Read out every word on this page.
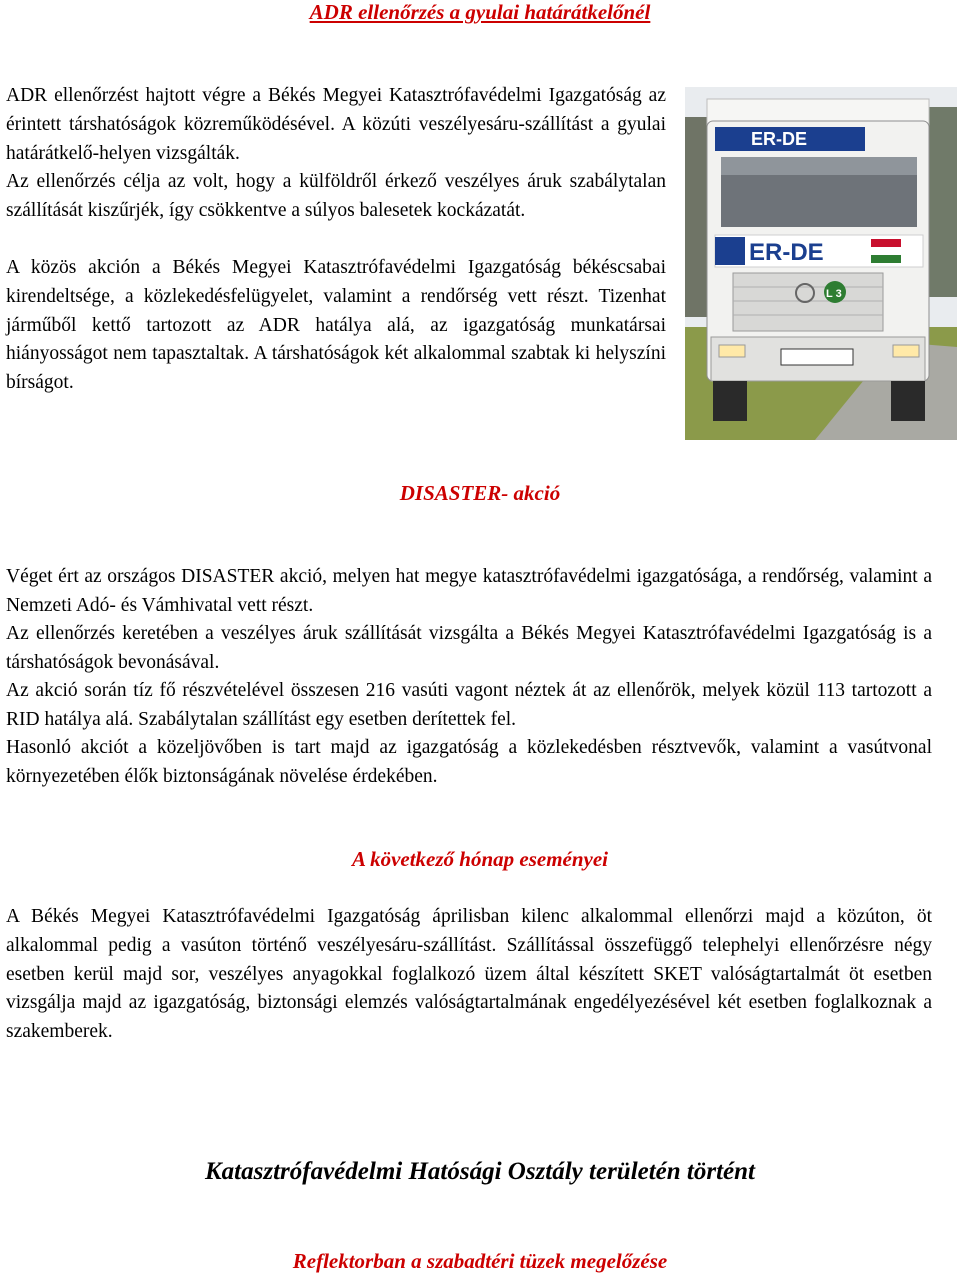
ADR ellenőrzés a gyulai határátkelőnél

ADR ellenőrzést hajtott végre a Békés Megyei Katasztrófavédelmi Igazgatóság az érintett társhatóságok közreműködésével. A közúti veszélyesáru-szállítást a gyulai határátkelő-helyen vizsgálták.

Az ellenőrzés célja az volt, hogy a külföldről érkező veszélyes áruk szabálytalan szállítását kiszűrjék, így csökkentve a súlyos balesetek kockázatát.

A közös akción a Békés Megyei Katasztrófavédelmi Igazgatóság békéscsabai kirendeltsége, a közlekedésfelügyelet, valamint a rendőrség vett részt. Tizenhat járműből kettő tartozott az ADR hatálya alá, az igazgatóság munkatársai hiányosságot nem tapasztaltak. A társhatóságok két alkalommal szabtak ki helyszíni bírságot.

ER-DE
ER-DE
L 3
DISASTER- akció

Véget ért az országos DISASTER akció, melyen hat megye katasztrófavédelmi igazgatósága, a rendőrség, valamint a Nemzeti Adó- és Vámhivatal vett részt.

Az ellenőrzés keretében a veszélyes áruk szállítását vizsgálta a Békés Megyei Katasztrófavédelmi Igazgatóság is a társhatóságok bevonásával.

Az akció során tíz fő részvételével összesen 216 vasúti vagont néztek át az ellenőrök, melyek közül 113 tartozott a RID hatálya alá. Szabálytalan szállítást egy esetben derítettek fel.

Hasonló akciót a közeljövőben is tart majd az igazgatóság a közlekedésben résztvevők, valamint a vasútvonal környezetében élők biztonságának növelése érdekében.

A következő hónap eseményei

A Békés Megyei Katasztrófavédelmi Igazgatóság áprilisban kilenc alkalommal ellenőrzi majd a közúton, öt alkalommal pedig a vasúton történő veszélyesáru-szállítást. Szállítással összefüggő telephelyi ellenőrzésre négy esetben kerül majd sor, veszélyes anyagokkal foglalkozó üzem által készített SKET valóságtartalmát öt esetben vizsgálja majd az igazgatóság, biztonsági elemzés valóságtartalmának engedélyezésével két esetben foglalkoznak a szakemberek.

Katasztrófavédelmi Hatósági Osztály területén történt
Reflektorban a szabadtéri tüzek megelőzése
